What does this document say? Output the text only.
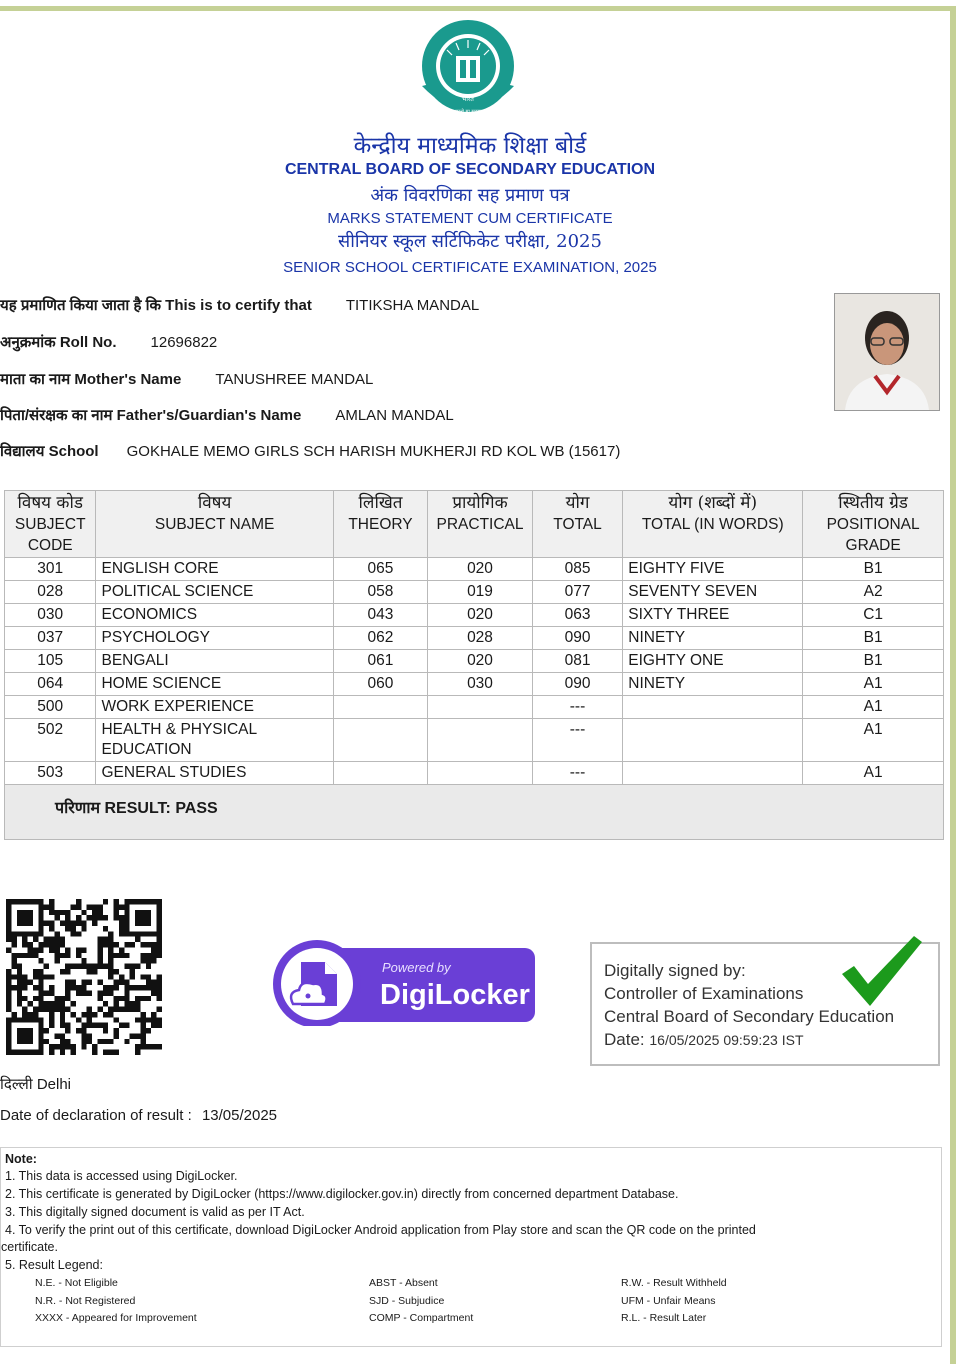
भारत
असतो मा सद्गमय
केन्द्रीय माध्यमिक शिक्षा बोर्ड
CENTRAL BOARD OF SECONDARY EDUCATION
अंक विवरणिका सह प्रमाण पत्र
MARKS STATEMENT CUM CERTIFICATE
सीनियर स्कूल सर्टिफिकेट परीक्षा, 2025
SENIOR SCHOOL CERTIFICATE EXAMINATION, 2025
यह प्रमाणित किया जाता है कि This is to certify that TITIKSHA MANDAL
अनुक्रमांक Roll No. 12696822
माता का नाम Mother's Name TANUSHREE MANDAL
पिता/संरक्षक का नाम Father's/Guardian's Name AMLAN MANDAL
विद्यालय School GOKHALE MEMO GIRLS SCH HARISH MUKHERJI RD KOL WB (15617)
विषय कोड
SUBJECT CODE	विषय
SUBJECT NAME	लिखित
THEORY	प्रायोगिक
PRACTICAL	योग
TOTAL	योग (शब्दों में)
TOTAL (IN WORDS)	स्थितीय ग्रेड
POSITIONAL GRADE
301	ENGLISH CORE	065	020	085	EIGHTY FIVE	B1
028	POLITICAL SCIENCE	058	019	077	SEVENTY SEVEN	A2
030	ECONOMICS	043	020	063	SIXTY THREE	C1
037	PSYCHOLOGY	062	028	090	NINETY	B1
105	BENGALI	061	020	081	EIGHTY ONE	B1
064	HOME SCIENCE	060	030	090	NINETY	A1
500	WORK EXPERIENCE			---		A1
502	HEALTH & PHYSICAL EDUCATION			---		A1
503	GENERAL STUDIES			---		A1

परिणाम RESULT: PASS						
Powered by
DigiLocker
Digitally signed by:
Controller of Examinations
Central Board of Secondary Education
Date: 16/05/2025 09:59:23 IST
दिल्ली Delhi
Date of declaration of result : 13/05/2025
Note:
1. This data is accessed using DigiLocker.
2. This certificate is generated by DigiLocker (https://www.digilocker.gov.in) directly from concerned department Database.
3. This digitally signed document is valid as per IT Act.
4. To verify the print out of this certificate, download DigiLocker Android application from Play store and scan the QR code on the printed
certificate.
5. Result Legend:
N.E. - Not Eligible	ABST - Absent	R.W. - Result Withheld
N.R. - Not Registered	SJD - Subjudice	UFM - Unfair Means
XXXX - Appeared for Improvement	COMP - Compartment	R.L. - Result Later
